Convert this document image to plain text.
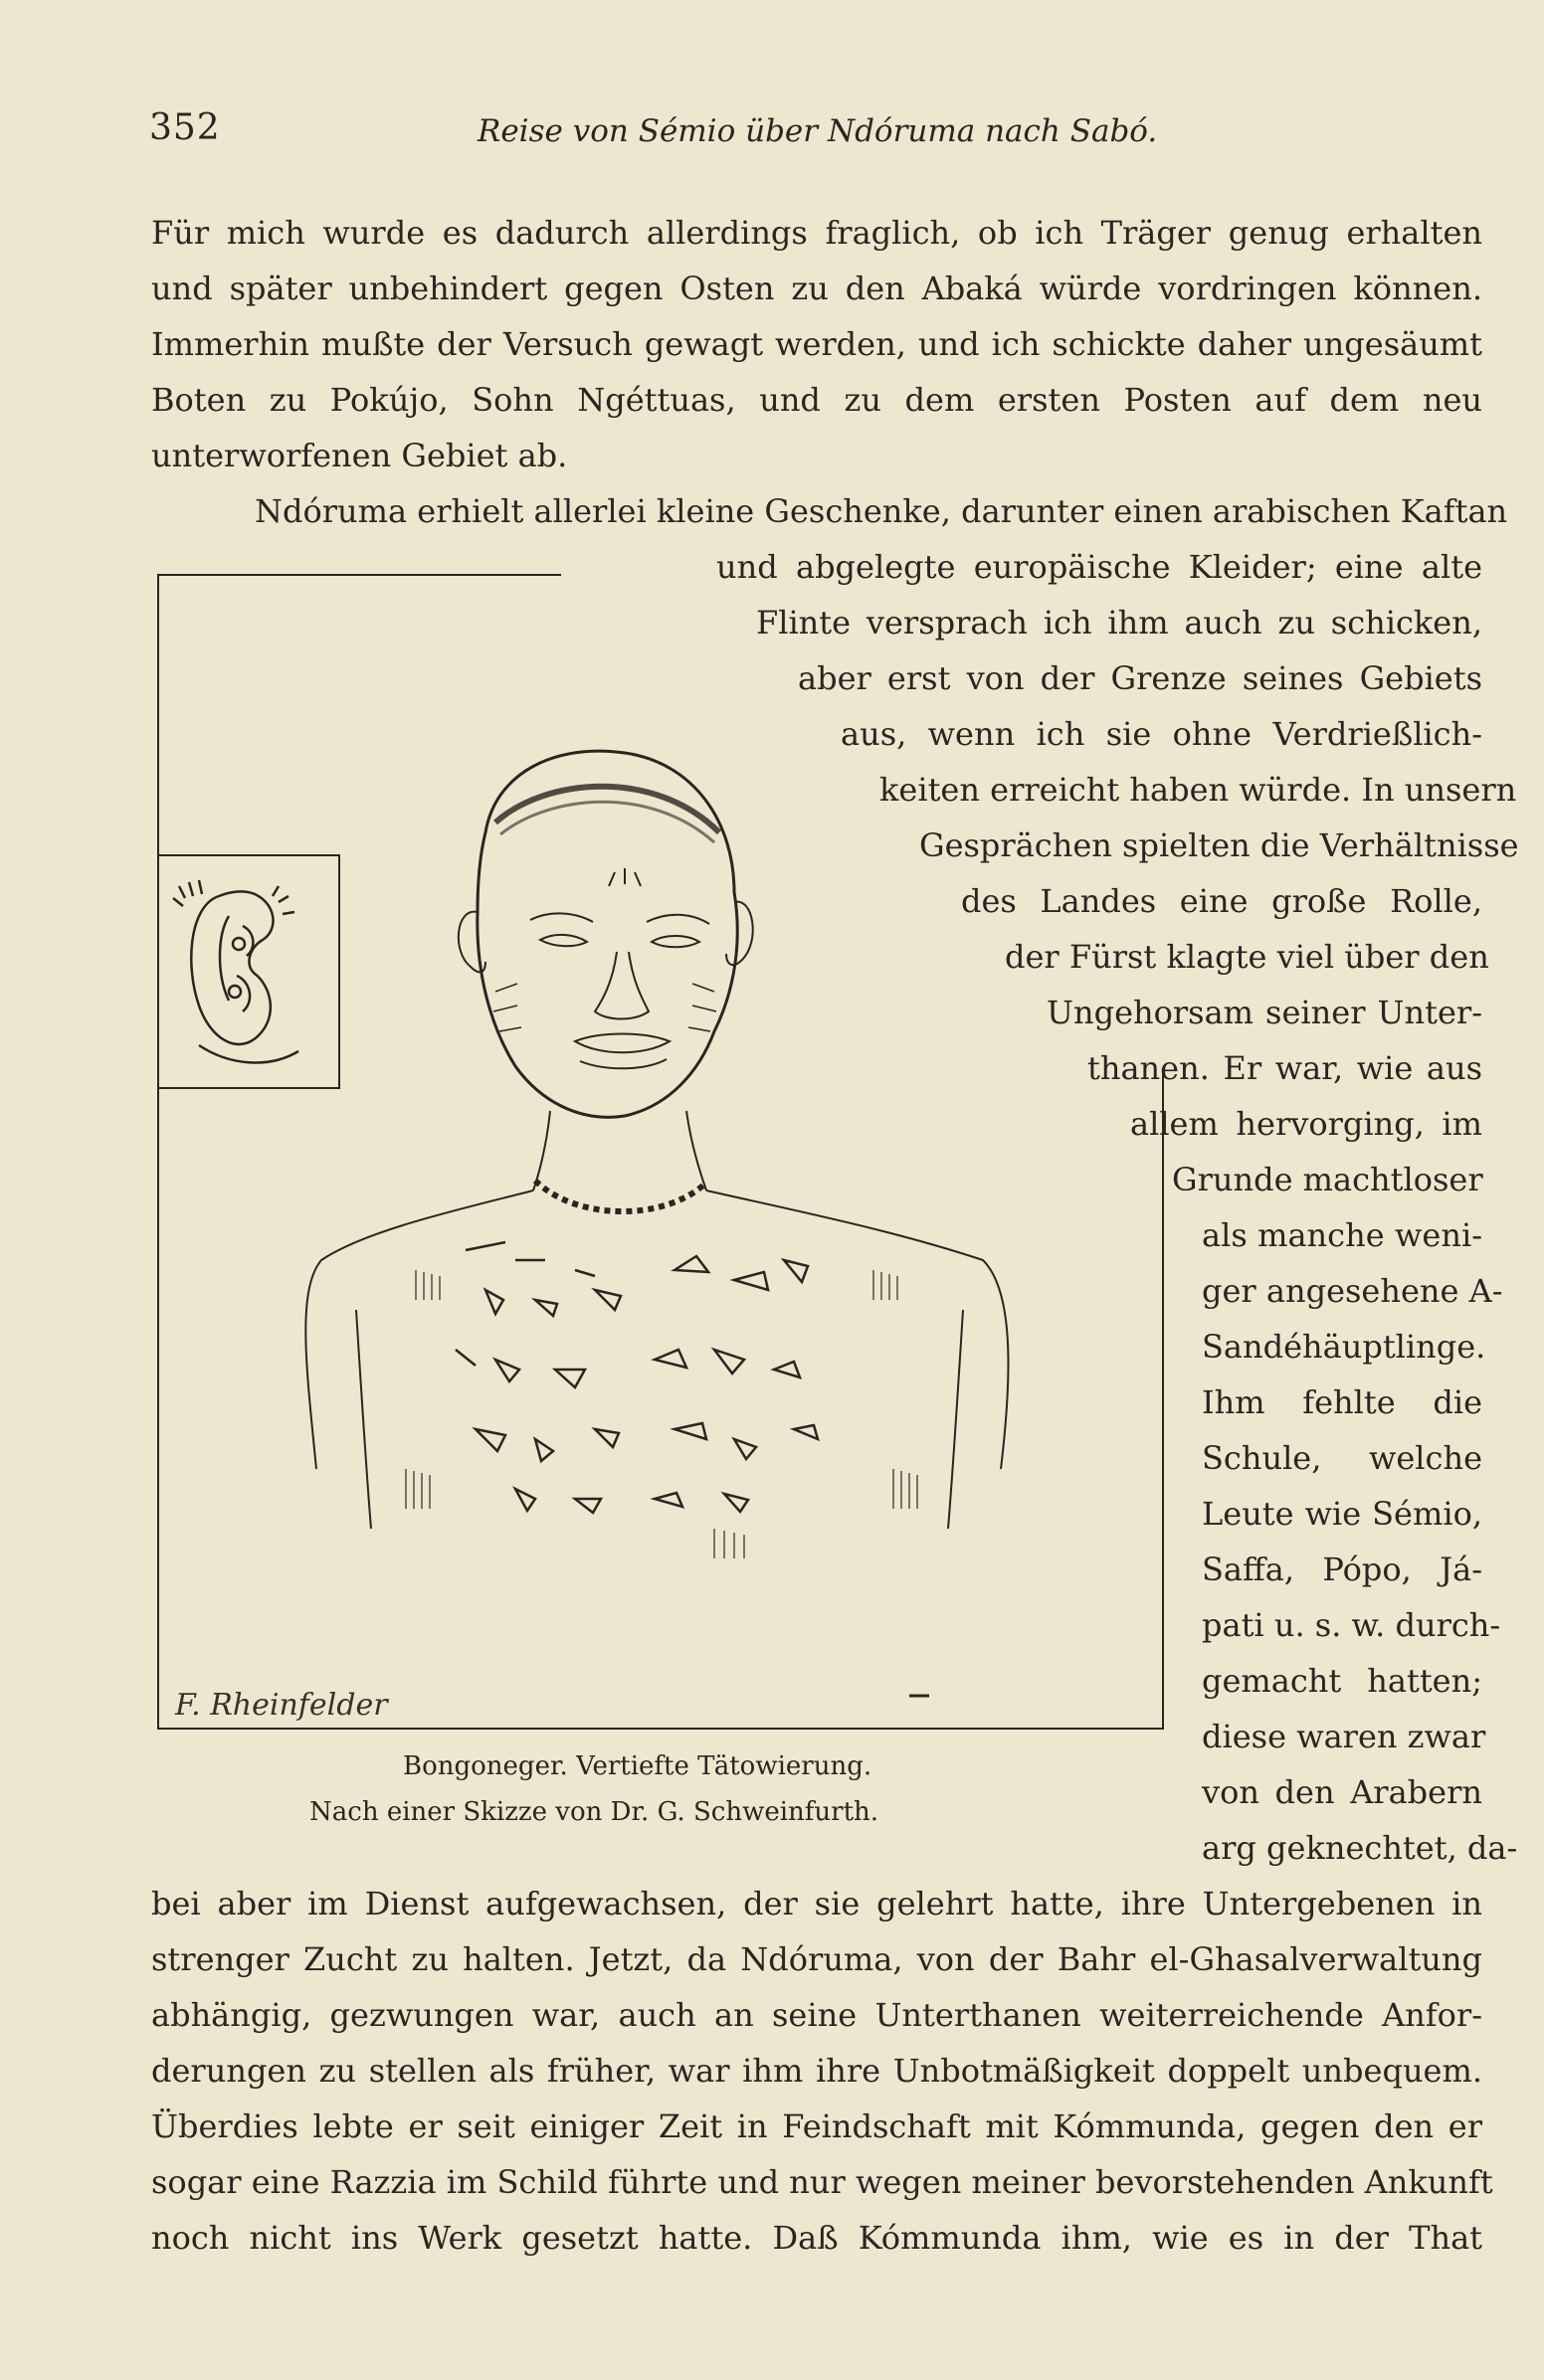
352	Reise von Sémio über Ndóruma nach Sabó.
Für mich wurde es dadurch allerdings fraglich, ob ich Träger genug erhalten
und später unbehindert gegen Osten zu den Abaká würde vordringen können.
Immerhin mußte der Versuch gewagt werden, und ich schickte daher ungesäumt
Boten zu Pokújo, Sohn Ngéttuas, und zu dem ersten Posten auf dem neu
unterworfenen Gebiet ab.
Ndóruma erhielt allerlei kleine Geschenke, darunter einen arabischen Kaftan
und abgelegte europäische Kleider; eine alte
Flinte versprach ich ihm auch zu schicken,
aber erst von der Grenze seines Gebiets
aus, wenn ich sie ohne Verdrießlich-
keiten erreicht haben würde. In unsern
Gesprächen spielten die Verhältnisse
des Landes eine große Rolle,
der Fürst klagte viel über den
Ungehorsam seiner Unter-
thanen. Er war, wie aus
allem hervorging, im
Grunde machtloser
als manche weni-
ger angesehene A-
Sandéhäuptlinge.
Ihm fehlte die
Schule, welche
Leute wie Sémio,
Saffa, Pópo, Já-
pati u. s. w. durch-
gemacht hatten;
diese waren zwar
von den Arabern
arg geknechtet, da-
F. Rheinfelder
Bongoneger. Vertiefte Tätowierung.
Nach einer Skizze von Dr. G. Schweinfurth.
bei aber im Dienst aufgewachsen, der sie gelehrt hatte, ihre Untergebenen in
strenger Zucht zu halten. Jetzt, da Ndóruma, von der Bahr el-Ghasalverwaltung
abhängig, gezwungen war, auch an seine Unterthanen weiterreichende Anfor-
derungen zu stellen als früher, war ihm ihre Unbotmäßigkeit doppelt unbequem.
Überdies lebte er seit einiger Zeit in Feindschaft mit Kómmunda, gegen den er
sogar eine Razzia im Schild führte und nur wegen meiner bevorstehenden Ankunft
noch nicht ins Werk gesetzt hatte. Daß Kómmunda ihm, wie es in der That
